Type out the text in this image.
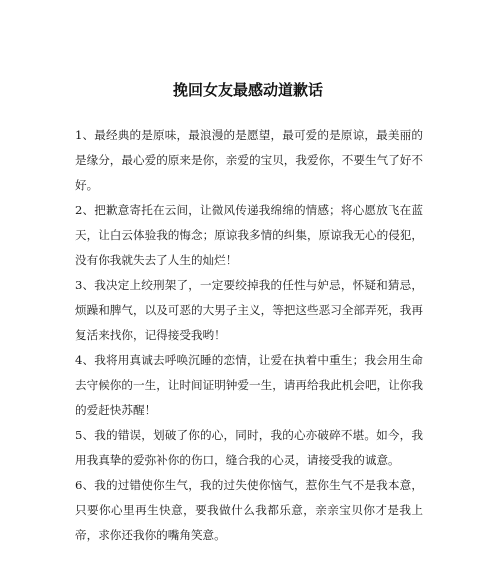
挽回女友最感动道歉话

1、最经典的是原味，最浪漫的是愿望，最可爱的是原谅，最美丽的是缘分，最心爱的原来是你，亲爱的宝贝，我爱你，不要生气了好不好。

2、把歉意寄托在云间，让微风传递我绵绵的情感；将心愿放飞在蓝天，让白云体验我的悔念；原谅我多情的纠集，原谅我无心的侵犯，没有你我就失去了人生的灿烂！

3、我决定上绞刑架了，一定要绞掉我的任性与妒忌，怀疑和猜忌，烦躁和脾气，以及可恶的大男子主义，等把这些恶习全部弄死，我再复活来找你，记得接受我哟！

4、我将用真诚去呼唤沉睡的恋情，让爱在执着中重生；我会用生命去守候你的一生，让时间证明钟爱一生，请再给我此机会吧，让你我的爱赶快苏醒！

5、我的错误，划破了你的心，同时，我的心亦破碎不堪。如今，我用我真挚的爱弥补你的伤口，缝合我的心灵，请接受我的诚意。

6、我的过错使你生气，我的过失使你恼气，惹你生气不是我本意，只要你心里再生快意，要我做什么我都乐意，亲亲宝贝你才是我上帝，求你还我你的嘴角笑意。
